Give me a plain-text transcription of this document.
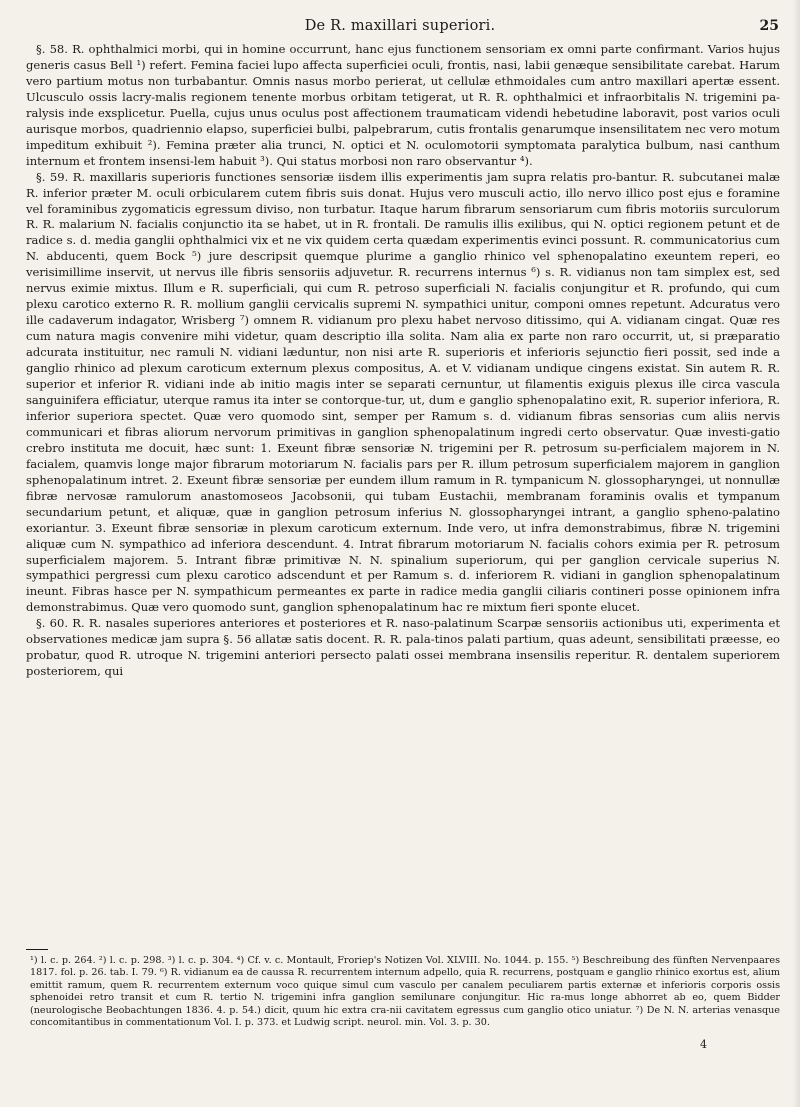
De R. maxillari superiori.	25

§. 58. R. ophthalmici morbi, qui in homine occurrunt, hanc ejus functionem sensoriam ex omni parte confirmant. Varios hujus generis casus Bell ¹) refert. Femina faciei lupo affecta superficiei oculi, frontis, nasi, labii genæque sensibilitate carebat. Harum vero partium motus non turbabantur. Omnis nasus morbo perierat, ut cellulæ ethmoidales cum antro maxillari apertæ essent. Ulcusculo ossis lacry-malis regionem tenente morbus orbitam tetigerat, ut R. R. ophthalmici et infraorbitalis N. trigemini pa-ralysis inde exsplicetur. Puella, cujus unus oculus post affectionem traumaticam videndi hebetudine laboravit, post varios oculi aurisque morbos, quadriennio elapso, superficiei bulbi, palpebrarum, cutis frontalis genarumque insensilitatem nec vero motum impeditum exhibuit ²). Femina præter alia trunci, N. optici et N. oculomotorii symptomata paralytica bulbum, nasi canthum internum et frontem insensi-lem habuit ³). Qui status morbosi non raro observantur ⁴).

§. 59. R. maxillaris superioris functiones sensoriæ iisdem illis experimentis jam supra relatis pro-bantur. R. subcutanei malæ R. inferior præter M. oculi orbicularem cutem fibris suis donat. Hujus vero musculi actio, illo nervo illico post ejus e foramine vel foraminibus zygomaticis egressum diviso, non turbatur. Itaque harum fibrarum sensoriarum cum fibris motoriis surculorum R. R. malarium N. facialis conjunctio ita se habet, ut in R. frontali. De ramulis illis exilibus, qui N. optici regionem petunt et de radice s. d. media ganglii ophthalmici vix et ne vix quidem certa quædam experimentis evinci possunt. R. communicatorius cum N. abducenti, quem Bock ⁵) jure descripsit quemque plurime a ganglio rhinico vel sphenopalatino exeuntem reperi, eo verisimillime inservit, ut nervus ille fibris sensoriis adjuvetur. R. recurrens internus ⁶) s. R. vidianus non tam simplex est, sed nervus eximie mixtus. Illum e R. superficiali, qui cum R. petroso superficiali N. facialis conjungitur et R. profundo, qui cum plexu carotico externo R. R. mollium ganglii cervicalis supremi N. sympathici unitur, componi omnes repetunt. Adcuratus vero ille cadaverum indagator, Wrisberg ⁷) omnem R. vidianum pro plexu habet nervoso ditissimo, qui A. vidianam cingat. Quæ res cum natura magis convenire mihi videtur, quam descriptio illa solita. Nam alia ex parte non raro occurrit, ut, si præparatio adcurata instituitur, nec ramuli N. vidiani læduntur, non nisi arte R. superioris et inferioris sejunctio fieri possit, sed inde a ganglio rhinico ad plexum caroticum externum plexus compositus, A. et V. vidianam undique cingens existat. Sin autem R. R. superior et inferior R. vidiani inde ab initio magis inter se separati cernuntur, ut filamentis exiguis plexus ille circa vascula sanguinifera efficiatur, uterque ramus ita inter se contorque-tur, ut, dum e ganglio sphenopalatino exit, R. superior inferiora, R. inferior superiora spectet. Quæ vero quomodo sint, semper per Ramum s. d. vidianum fibras sensorias cum aliis nervis communicari et fibras aliorum nervorum primitivas in ganglion sphenopalatinum ingredi certo observatur. Quæ investi-gatio crebro instituta me docuit, hæc sunt: 1. Exeunt fibræ sensoriæ N. trigemini per R. petrosum su-perficialem majorem in N. facialem, quamvis longe major fibrarum motoriarum N. facialis pars per R. illum petrosum superficialem majorem in ganglion sphenopalatinum intret. 2. Exeunt fibræ sensoriæ per eundem illum ramum in R. tympanicum N. glossopharyngei, ut nonnullæ fibræ nervosæ ramulorum anastomoseos Jacobsonii, qui tubam Eustachii, membranam foraminis ovalis et tympanum secundarium petunt, et aliquæ, quæ in ganglion petrosum inferius N. glossopharyngei intrant, a ganglio spheno-palatino exoriantur. 3. Exeunt fibræ sensoriæ in plexum caroticum externum. Inde vero, ut infra demonstrabimus, fibræ N. trigemini aliquæ cum N. sympathico ad inferiora descendunt. 4. Intrat fibrarum motoriarum N. facialis cohors eximia per R. petrosum superficialem majorem. 5. Intrant fibræ primitivæ N. N. spinalium superiorum, qui per ganglion cervicale superius N. sympathici pergressi cum plexu carotico adscendunt et per Ramum s. d. inferiorem R. vidiani in ganglion sphenopalatinum ineunt. Fibras hasce per N. sympathicum permeantes ex parte in radice media ganglii ciliaris contineri posse opinionem infra demonstrabimus. Quæ vero quomodo sunt, ganglion sphenopalatinum hac re mixtum fieri sponte elucet.

§. 60. R. R. nasales superiores anteriores et posteriores et R. naso-palatinum Scarpæ sensoriis actionibus uti, experimenta et observationes medicæ jam supra §. 56 allatæ satis docent. R. R. pala-tinos palati partium, quas adeunt, sensibilitati præesse, eo probatur, quod R. utroque N. trigemini anteriori persecto palati ossei membrana insensilis reperitur. R. dentalem superiorem posteriorem, qui

¹) l. c. p. 264. ²) l. c. p. 298. ³) l. c. p. 304. ⁴) Cf. v. c. Montault, Froriep's Notizen Vol. XLVIII. No. 1044. p. 155. ⁵) Beschreibung des fünften Nervenpaares 1817. fol. p. 26. tab. I. 79. ⁶) R. vidianum ea de caussa R. recurrentem internum adpello, quia R. recurrens, postquam e ganglio rhinico exortus est, alium emittit ramum, quem R. recurrentem externum voco quique simul cum vasculo per canalem peculiarem partis externæ et inferioris corporis ossis sphenoidei retro transit et cum R. tertio N. trigemini infra ganglion semilunare conjungitur. Hic ra-mus longe abhorret ab eo, quem Bidder (neurologische Beobachtungen 1836. 4. p. 54.) dicit, quum hic extra cra-nii cavitatem egressus cum ganglio otico uniatur. ⁷) De N. N. arterias venasque concomitantibus in commentationum Vol. I. p. 373. et Ludwig script. neurol. min. Vol. 3. p. 30.
4
